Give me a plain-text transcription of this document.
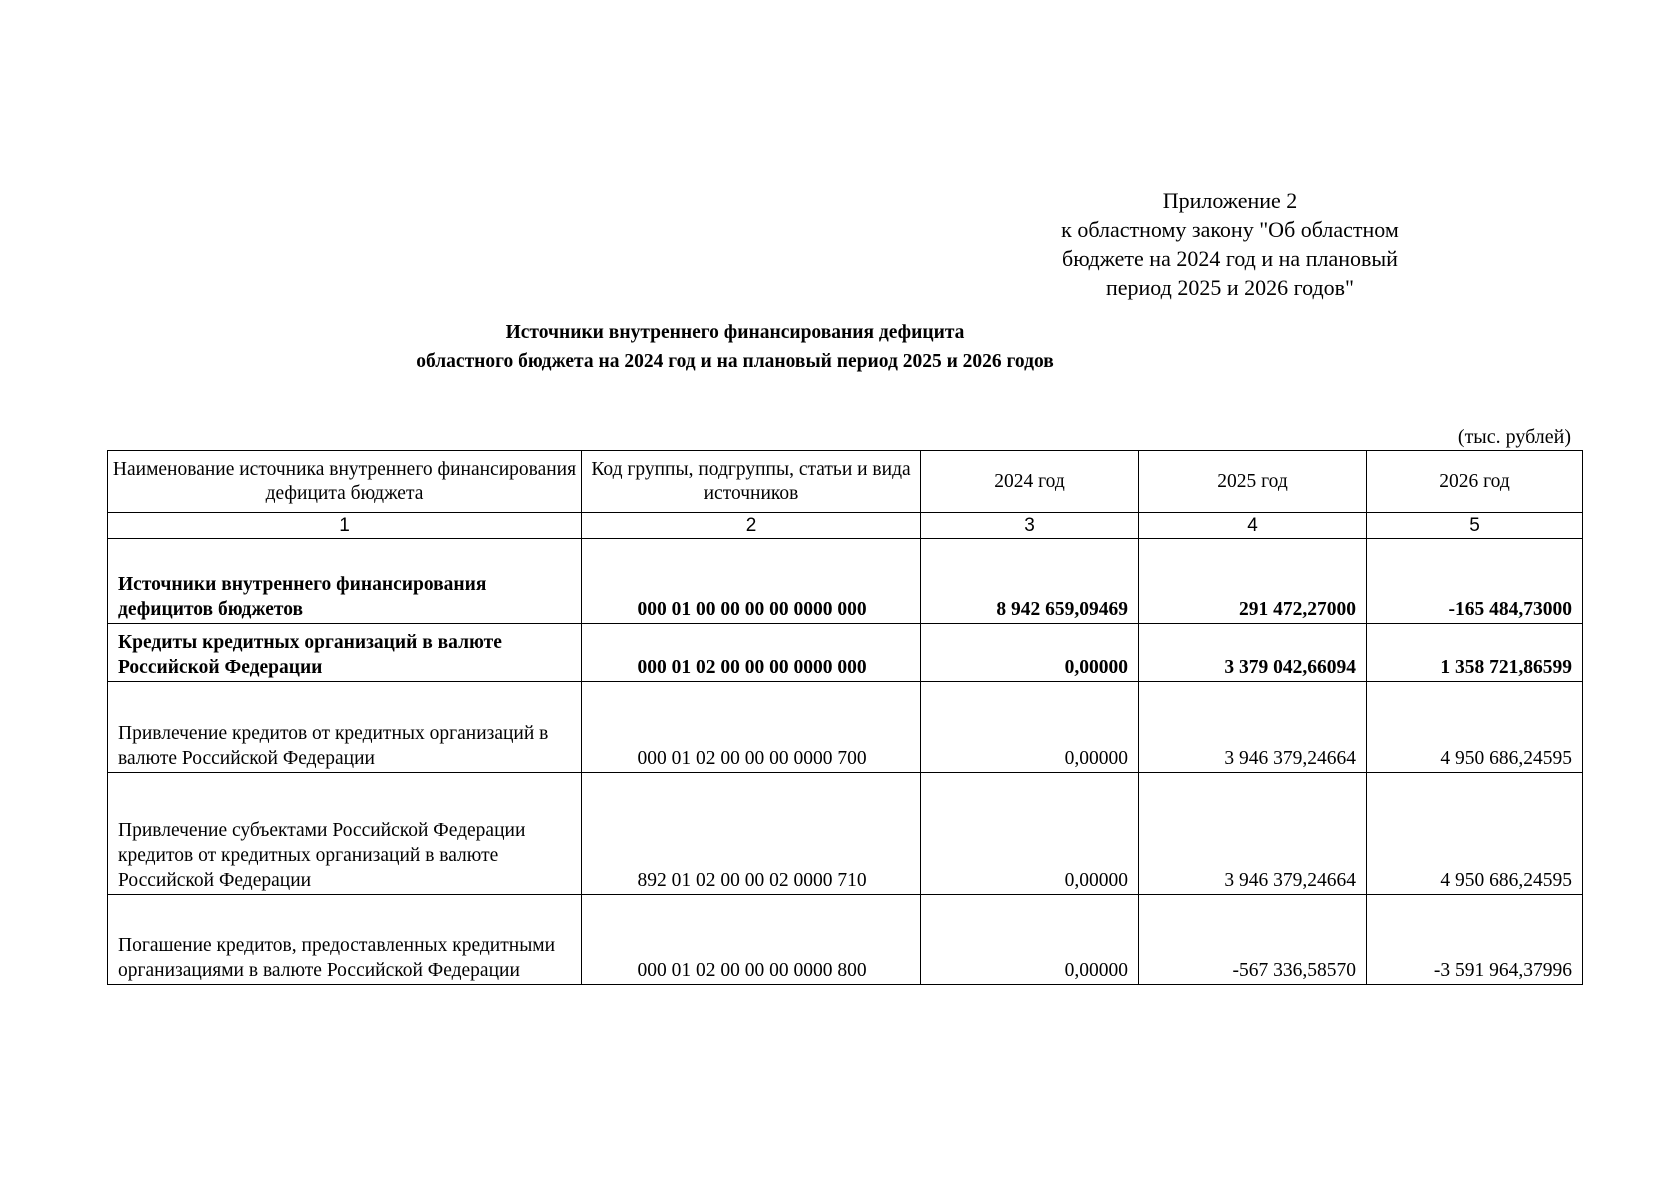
Приложение 2
к областному закону "Об областном
бюджете на 2024 год и на плановый
период 2025 и 2026 годов"
Источники внутреннего финансирования дефицита
областного бюджета на 2024 год и на плановый период 2025 и 2026 годов
(тыс. рублей)
Наименование источника внутреннего финансирования дефицита бюджета	Код группы, подгруппы, статьи и вида источников	2024 год	2025 год	2026 год
1	2	3	4	5
Источники внутреннего финансирования дефицитов бюджетов	000 01 00 00 00 00 0000 000	8 942 659,09469	291 472,27000	-165 484,73000
Кредиты кредитных организаций в валюте Российской Федерации	000 01 02 00 00 00 0000 000	0,00000	3 379 042,66094	1 358 721,86599
Привлечение кредитов от кредитных организаций в валюте Российской Федерации	000 01 02 00 00 00 0000 700	0,00000	3 946 379,24664	4 950 686,24595
Привлечение субъектами Российской Федерации кредитов от кредитных организаций в валюте Российской Федерации	892 01 02 00 00 02 0000 710	0,00000	3 946 379,24664	4 950 686,24595
Погашение кредитов, предоставленных кредитными организациями в валюте Российской Федерации	000 01 02 00 00 00 0000 800	0,00000	-567 336,58570	-3 591 964,37996
